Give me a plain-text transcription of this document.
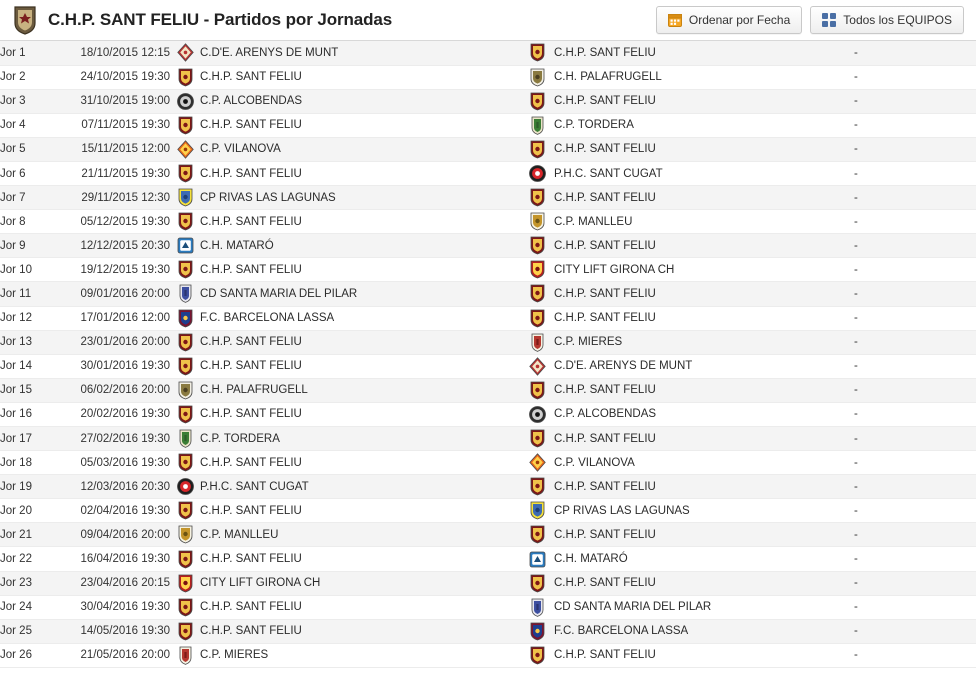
C.H.P. SANT FELIU - Partidos por Jornadas	Ordenar por Fecha	Todos los EQUIPOS
Jor 1	18/10/2015 12:15		C.D'E. ARENYS DE MUNT		C.H.P. SANT FELIU	-
Jor 2	24/10/2015 19:30		C.H.P. SANT FELIU		C.H. PALAFRUGELL	-
Jor 3	31/10/2015 19:00		C.P. ALCOBENDAS		C.H.P. SANT FELIU	-
Jor 4	07/11/2015 19:30		C.H.P. SANT FELIU		C.P. TORDERA	-
Jor 5	15/11/2015 12:00		C.P. VILANOVA		C.H.P. SANT FELIU	-
Jor 6	21/11/2015 19:30		C.H.P. SANT FELIU		P.H.C. SANT CUGAT	-
Jor 7	29/11/2015 12:30		CP RIVAS LAS LAGUNAS		C.H.P. SANT FELIU	-
Jor 8	05/12/2015 19:30		C.H.P. SANT FELIU		C.P. MANLLEU	-
Jor 9	12/12/2015 20:30		C.H. MATARÓ		C.H.P. SANT FELIU	-
Jor 10	19/12/2015 19:30		C.H.P. SANT FELIU		CITY LIFT GIRONA CH	-
Jor 11	09/01/2016 20:00		CD SANTA MARIA DEL PILAR		C.H.P. SANT FELIU	-
Jor 12	17/01/2016 12:00		F.C. BARCELONA LASSA		C.H.P. SANT FELIU	-
Jor 13	23/01/2016 20:00		C.H.P. SANT FELIU		C.P. MIERES	-
Jor 14	30/01/2016 19:30		C.H.P. SANT FELIU		C.D'E. ARENYS DE MUNT	-
Jor 15	06/02/2016 20:00		C.H. PALAFRUGELL		C.H.P. SANT FELIU	-
Jor 16	20/02/2016 19:30		C.H.P. SANT FELIU		C.P. ALCOBENDAS	-
Jor 17	27/02/2016 19:30		C.P. TORDERA		C.H.P. SANT FELIU	-
Jor 18	05/03/2016 19:30		C.H.P. SANT FELIU		C.P. VILANOVA	-
Jor 19	12/03/2016 20:30		P.H.C. SANT CUGAT		C.H.P. SANT FELIU	-
Jor 20	02/04/2016 19:30		C.H.P. SANT FELIU		CP RIVAS LAS LAGUNAS	-
Jor 21	09/04/2016 20:00		C.P. MANLLEU		C.H.P. SANT FELIU	-
Jor 22	16/04/2016 19:30		C.H.P. SANT FELIU		C.H. MATARÓ	-
Jor 23	23/04/2016 20:15		CITY LIFT GIRONA CH		C.H.P. SANT FELIU	-
Jor 24	30/04/2016 19:30		C.H.P. SANT FELIU		CD SANTA MARIA DEL PILAR	-
Jor 25	14/05/2016 19:30		C.H.P. SANT FELIU		F.C. BARCELONA LASSA	-
Jor 26	21/05/2016 20:00		C.P. MIERES		C.H.P. SANT FELIU	-
